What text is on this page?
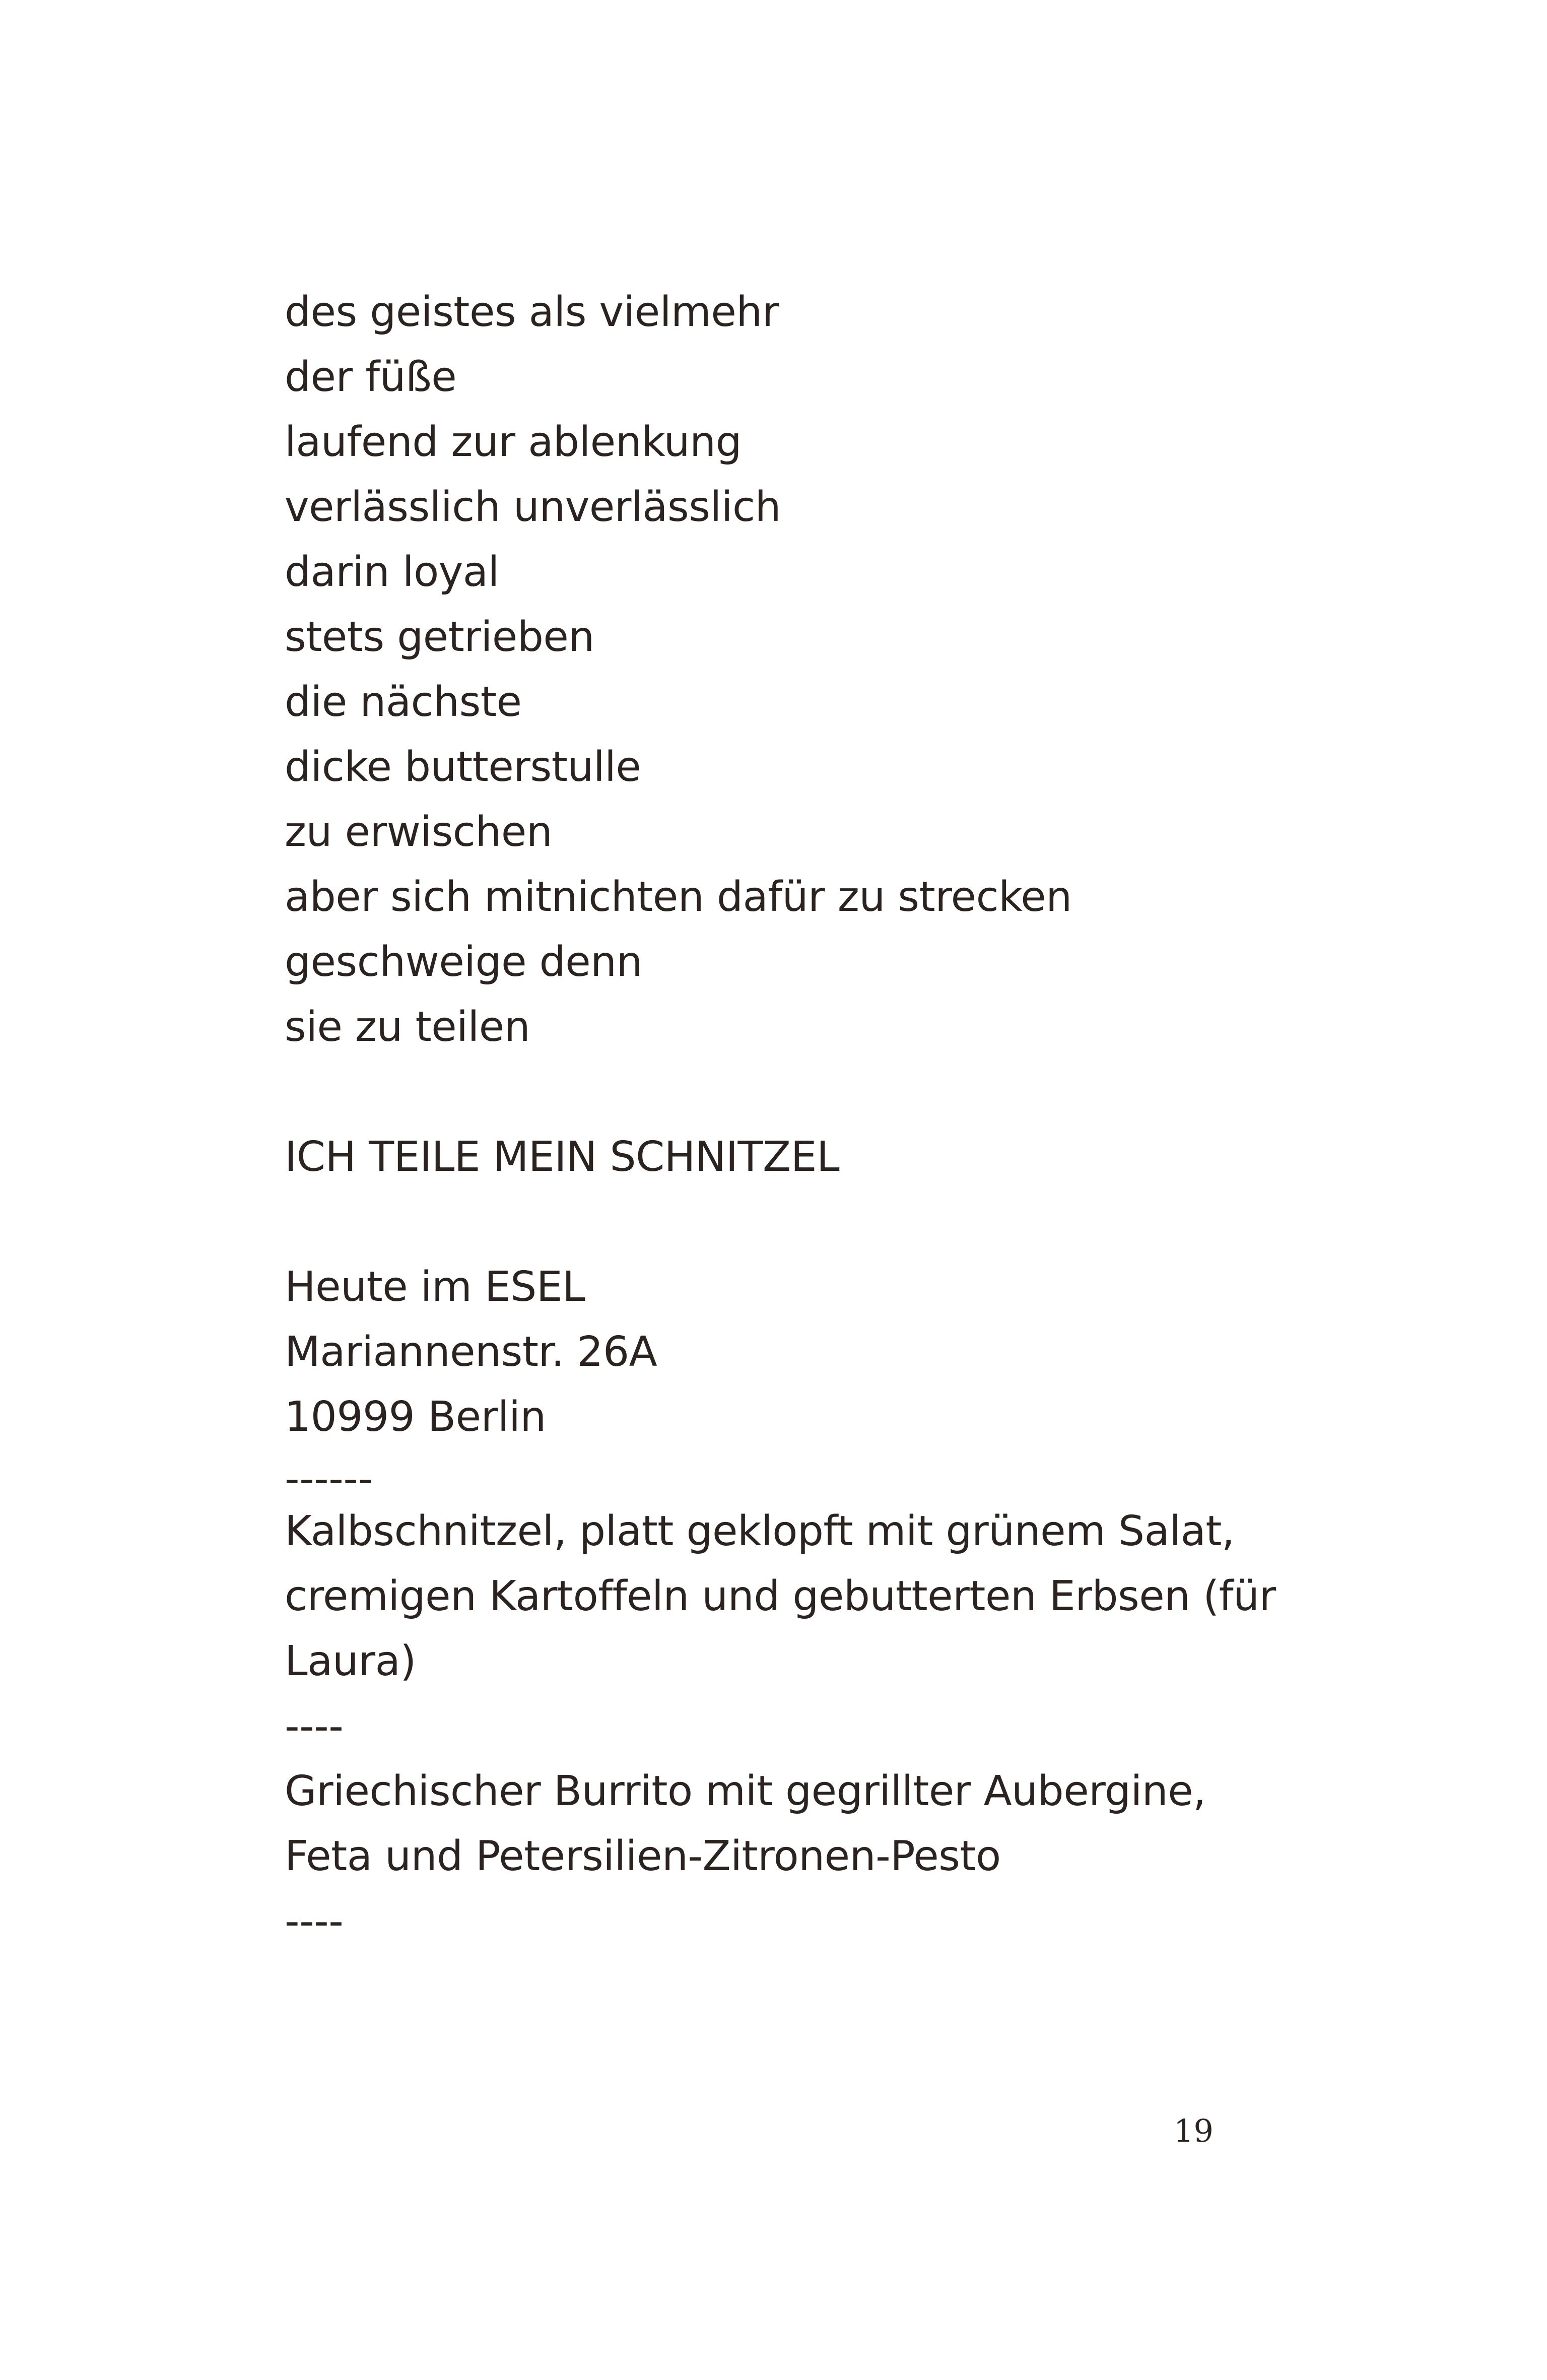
des geistes als vielmehr
der füße
laufend zur ablenkung
verlässlich unverlässlich
darin loyal
stets getrieben
die nächste
dicke butterstulle
zu erwischen
aber sich mitnichten dafür zu strecken
geschweige denn
sie zu teilen
ICH TEILE MEIN SCHNITZEL
Heute im ESEL
Mariannenstr. 26A
10999 Berlin
------
Kalbschnitzel, platt geklopft mit grünem Salat,
cremigen Kartoffeln und gebutterten Erbsen (für
Laura)
----
Griechischer Burrito mit gegrillter Aubergine,
Feta und Petersilien-Zitronen-Pesto
----
19
